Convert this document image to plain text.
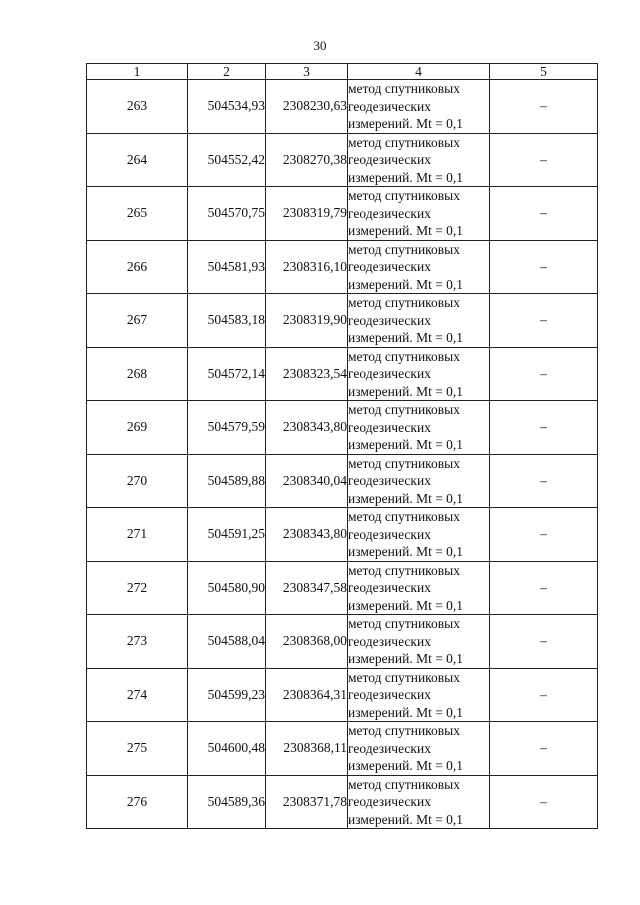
30
1	2	3	4	5
263	504534,93	2308230,63	метод спутниковых
геодезических
измерений. Mt = 0,1	–
264	504552,42	2308270,38	метод спутниковых
геодезических
измерений. Mt = 0,1	–
265	504570,75	2308319,79	метод спутниковых
геодезических
измерений. Mt = 0,1	–
266	504581,93	2308316,10	метод спутниковых
геодезических
измерений. Mt = 0,1	–
267	504583,18	2308319,90	метод спутниковых
геодезических
измерений. Mt = 0,1	–
268	504572,14	2308323,54	метод спутниковых
геодезических
измерений. Mt = 0,1	–
269	504579,59	2308343,80	метод спутниковых
геодезических
измерений. Mt = 0,1	–
270	504589,88	2308340,04	метод спутниковых
геодезических
измерений. Mt = 0,1	–
271	504591,25	2308343,80	метод спутниковых
геодезических
измерений. Mt = 0,1	–
272	504580,90	2308347,58	метод спутниковых
геодезических
измерений. Mt = 0,1	–
273	504588,04	2308368,00	метод спутниковых
геодезических
измерений. Mt = 0,1	–
274	504599,23	2308364,31	метод спутниковых
геодезических
измерений. Mt = 0,1	–
275	504600,48	2308368,11	метод спутниковых
геодезических
измерений. Mt = 0,1	–
276	504589,36	2308371,78	метод спутниковых
геодезических
измерений. Mt = 0,1	–
